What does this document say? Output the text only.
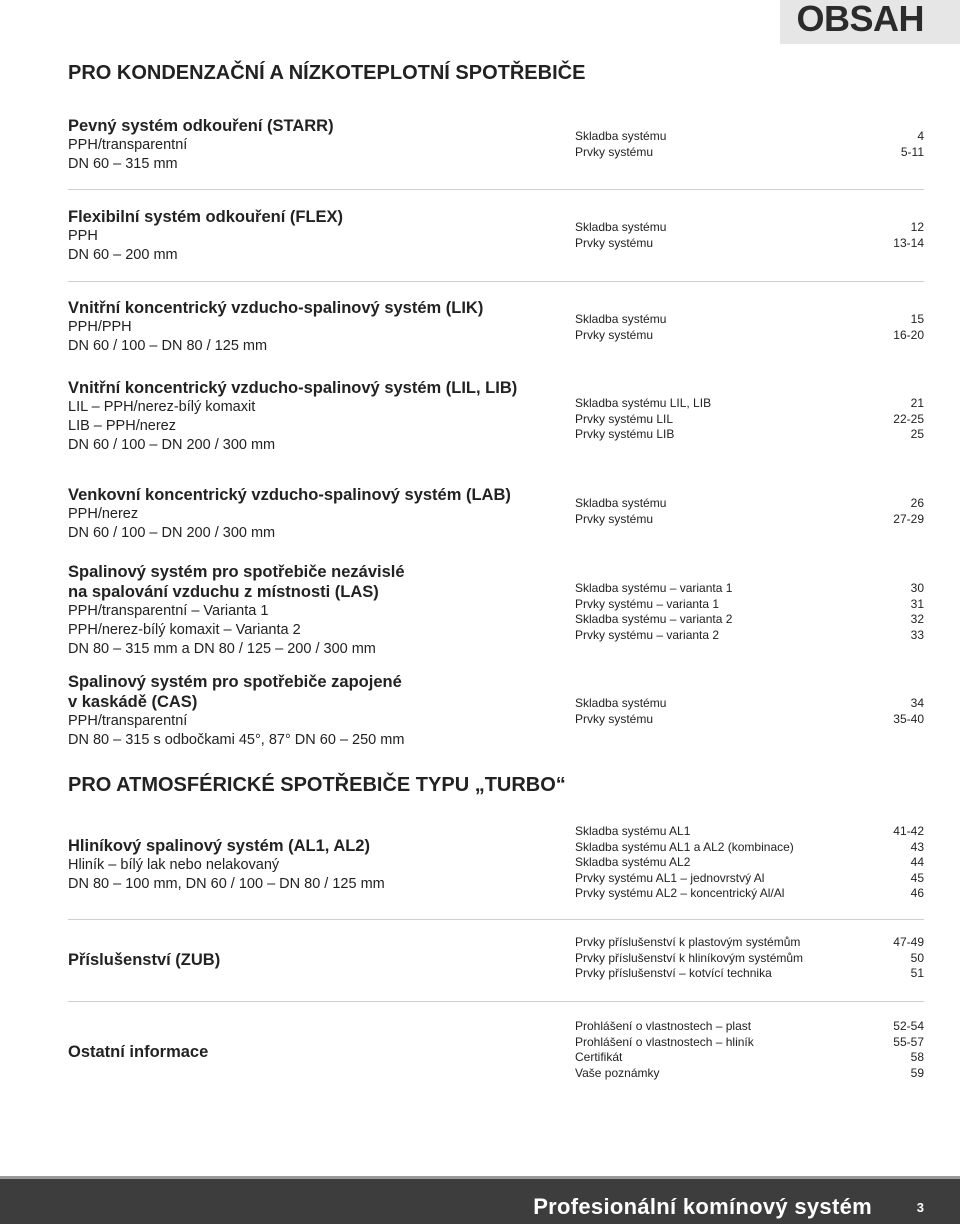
OBSAH
PRO KONDENZAČNÍ A NÍZKOTEPLOTNÍ SPOTŘEBIČE
Pevný systém odkouření (STARR)
PPH/transparentní
DN 60 – 315 mm
Skladba systému	4
Prvky systému	5-11
Flexibilní systém odkouření (FLEX)
PPH
DN 60 – 200 mm
Skladba systému	12
Prvky systému	13-14
Vnitřní koncentrický vzducho-spalinový systém (LIK)
PPH/PPH
DN 60 / 100 – DN 80 / 125 mm
Skladba systému	15
Prvky systému	16-20
Vnitřní koncentrický vzducho-spalinový systém (LIL, LIB)
LIL – PPH/nerez-bílý komaxit
LIB – PPH/nerez
DN 60 / 100 – DN 200 / 300 mm
Skladba systému LIL, LIB	21
Prvky systému LIL	22-25
Prvky systému LIB	25
Venkovní koncentrický vzducho-spalinový systém (LAB)
PPH/nerez
DN 60 / 100 – DN 200 / 300 mm
Skladba systému	26
Prvky systému	27-29
Spalinový systém pro spotřebiče nezávislé
na spalování vzduchu z místnosti (LAS)
PPH/transparentní – Varianta 1
PPH/nerez-bílý komaxit – Varianta 2
DN 80 – 315 mm a DN 80 / 125 – 200 / 300 mm
Skladba systému – varianta 1	30
Prvky systému – varianta 1	31
Skladba systému – varianta 2	32
Prvky systému – varianta 2	33
Spalinový systém pro spotřebiče zapojené
v kaskádě (CAS)
PPH/transparentní
DN 80 – 315 s odbočkami 45°, 87° DN 60 – 250 mm
Skladba systému	34
Prvky systému	35-40
PRO ATMOSFÉRICKÉ SPOTŘEBIČE TYPU „TURBO“
Hliníkový spalinový systém (AL1, AL2)
Hliník – bílý lak nebo nelakovaný
DN 80 – 100 mm, DN 60 / 100 – DN 80 / 125 mm
Skladba systému AL1	41-42
Skladba systému AL1 a AL2 (kombinace)	43
Skladba systému AL2	44
Prvky systému AL1 – jednovrstvý Al	45
Prvky systému AL2 – koncentrický Al/Al	46
Příslušenství (ZUB)
Prvky příslušenství k plastovým systémům	47-49
Prvky příslušenství k hliníkovým systémům	50
Prvky příslušenství – kotvící technika	51
Ostatní informace
Prohlášení o vlastnostech – plast	52-54
Prohlášení o vlastnostech – hliník	55-57
Certifikát	58
Vaše poznámky	59
Profesionální komínový systém	3
